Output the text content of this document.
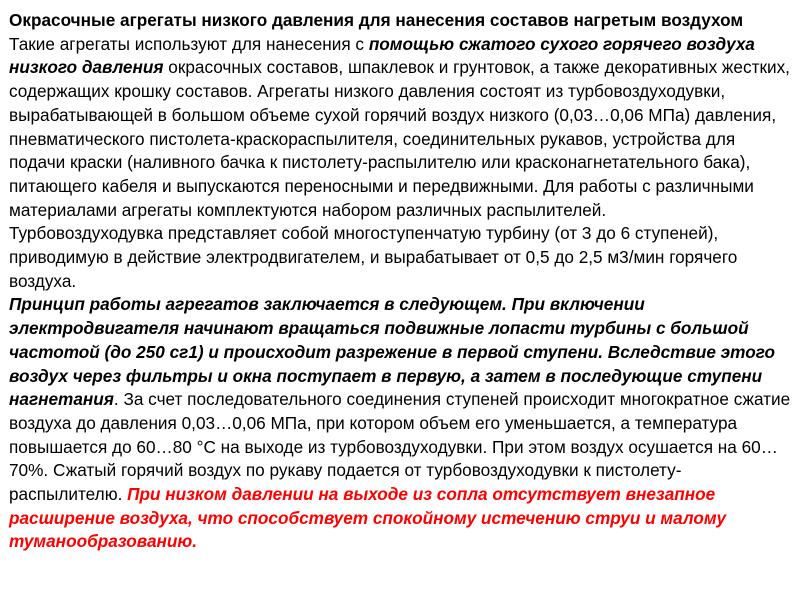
Окрасочные агрегаты низкого давления для нанесения составов нагретым воздухом

Такие агрегаты используют для нанесения с помощью сжатого сухого горячего воздуха низкого давления окрасочных составов, шпаклевок и грунтовок, а также декоративных жестких, содержащих крошку составов. Агрегаты низкого давления состоят из турбовоздуходувки, вырабатывающей в большом объеме сухой горячий воздух низкого (0,03…0,06 МПа) давления, пневматического пистолета-краскораспылителя, соединительных рукавов, устройства для подачи краски (наливного бачка к пистолету-распылителю или красконагнетательного бака), питающего кабеля и выпускаются переносными и передвижными. Для работы с различными материалами агрегаты комплектуются набором различных распылителей.

Турбовоздуходувка представляет собой многоступенчатую турбину (от 3 до 6 ступеней), приводимую в действие электродвигателем, и вырабатывает от 0,5 до 2,5 м3/мин горячего воздуха.

Принцип работы агрегатов заключается в следующем. При включении электродвигателя начинают вращаться подвижные лопасти турбины с большой частотой (до 250 сг1) и происходит разрежение в первой ступени. Вследствие этого воздух через фильтры и окна поступает в первую, а затем в последующие ступени нагнетания. За счет последовательного соединения ступеней происходит многократное сжатие воздуха до давления 0,03…0,06 МПа, при котором объем его уменьшается, а температура повышается до 60…80 °С на выходе из турбовоздуходувки. При этом воздух осушается на 60…70%. Сжатый горячий воздух по рукаву подается от турбовоздуходувки к пистолету-распылителю. При низком давлении на выходе из сопла отсутствует внезапное расширение воздуха, что способствует спокойному истечению струи и малому туманообразованию.
